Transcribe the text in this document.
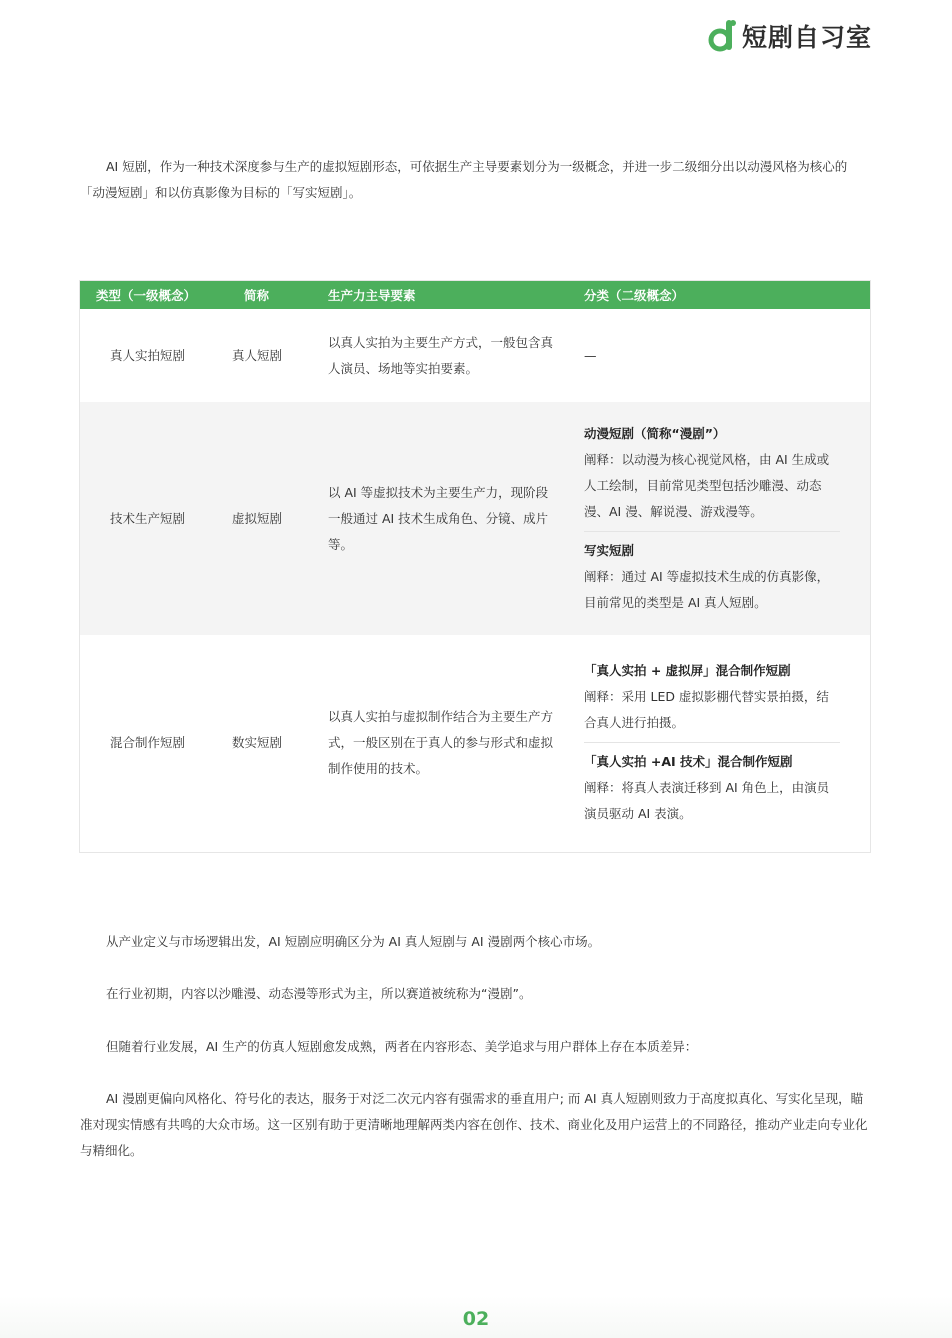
短剧自习室
AI 短剧，作为一种技术深度参与生产的虚拟短剧形态，可依据生产主导要素划分为一级概念，并进一步二级细分出以动漫风格为核心的「动漫短剧」和以仿真影像为目标的「写实短剧」。
类型（一级概念）	简称	生产力主导要素	分类（二级概念）
真人实拍短剧	真人短剧	以真人实拍为主要生产方式，一般包含真人演员、场地等实拍要素。	—

技术生产短剧	虚拟短剧	以 AI 等虚拟技术为主要生产力，现阶段一般通过 AI 技术生成角色、分镜、成片等。	动漫短剧（简称“漫剧”）
阐释：以动漫为核心视觉风格，由 AI 生成或人工绘制，目前常见类型包括沙雕漫、动态漫、AI 漫、解说漫、游戏漫等。
写实短剧
阐释：通过 AI 等虚拟技术生成的仿真影像，目前常见的类型是 AI 真人短剧。

混合制作短剧	数实短剧	以真人实拍与虚拟制作结合为主要生产方式，一般区别在于真人的参与形式和虚拟制作使用的技术。	「真人实拍 + 虚拟屏」混合制作短剧
阐释：采用 LED 虚拟影棚代替实景拍摄，结合真人进行拍摄。
「真人实拍 +AI 技术」混合制作短剧
阐释：将真人表演迁移到 AI 角色上，由演员演员驱动 AI 表演。
从产业定义与市场逻辑出发，AI 短剧应明确区分为 AI 真人短剧与 AI 漫剧两个核心市场。
在行业初期，内容以沙雕漫、动态漫等形式为主，所以赛道被统称为“漫剧”。
但随着行业发展，AI 生产的仿真人短剧愈发成熟，两者在内容形态、美学追求与用户群体上存在本质差异：
AI 漫剧更偏向风格化、符号化的表达，服务于对泛二次元内容有强需求的垂直用户; 而 AI 真人短剧则致力于高度拟真化、写实化呈现，瞄准对现实情感有共鸣的大众市场。这一区别有助于更清晰地理解两类内容在创作、技术、商业化及用户运营上的不同路径，推动产业走向专业化与精细化。
02
